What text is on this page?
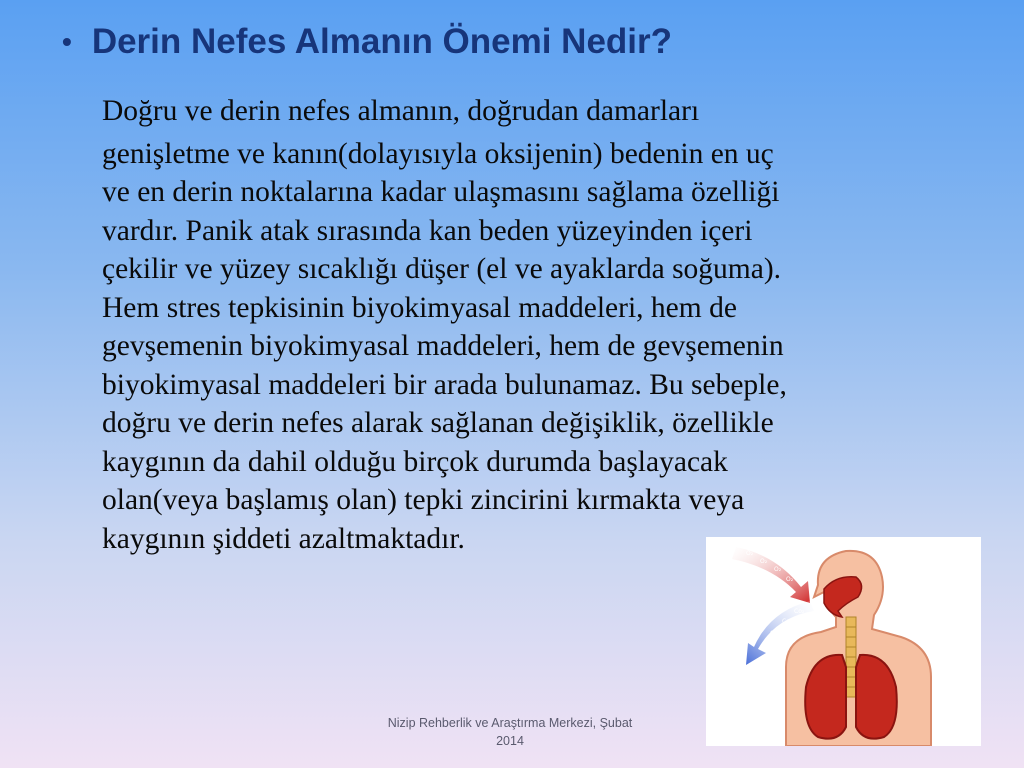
• Derin Nefes Almanın Önemi Nedir?
Doğru ve derin nefes almanın, doğrudan damarları
genişletme ve kanın(dolayısıyla oksijenin) bedenin en uç
ve en derin noktalarına kadar ulaşmasını sağlama özelliği
vardır. Panik atak sırasında kan beden yüzeyinden içeri
çekilir ve yüzey sıcaklığı düşer (el ve ayaklarda soğuma).
Hem stres tepkisinin biyokimyasal maddeleri, hem de
gevşemenin biyokimyasal maddeleri, hem de gevşemenin
biyokimyasal maddeleri bir arada bulunamaz. Bu sebeple,
doğru ve derin nefes alarak sağlanan değişiklik, özellikle
kaygının da dahil olduğu birçok durumda başlayacak
olan(veya başlamış olan) tepki zincirini kırmakta veya
kaygının şiddeti azaltmaktadır.
Nizip Rehberlik ve Araştırma Merkezi, Şubat
2014
O₂
O₂
O₂
O₂
Co₂
Co₂
Co₂
Co₂
